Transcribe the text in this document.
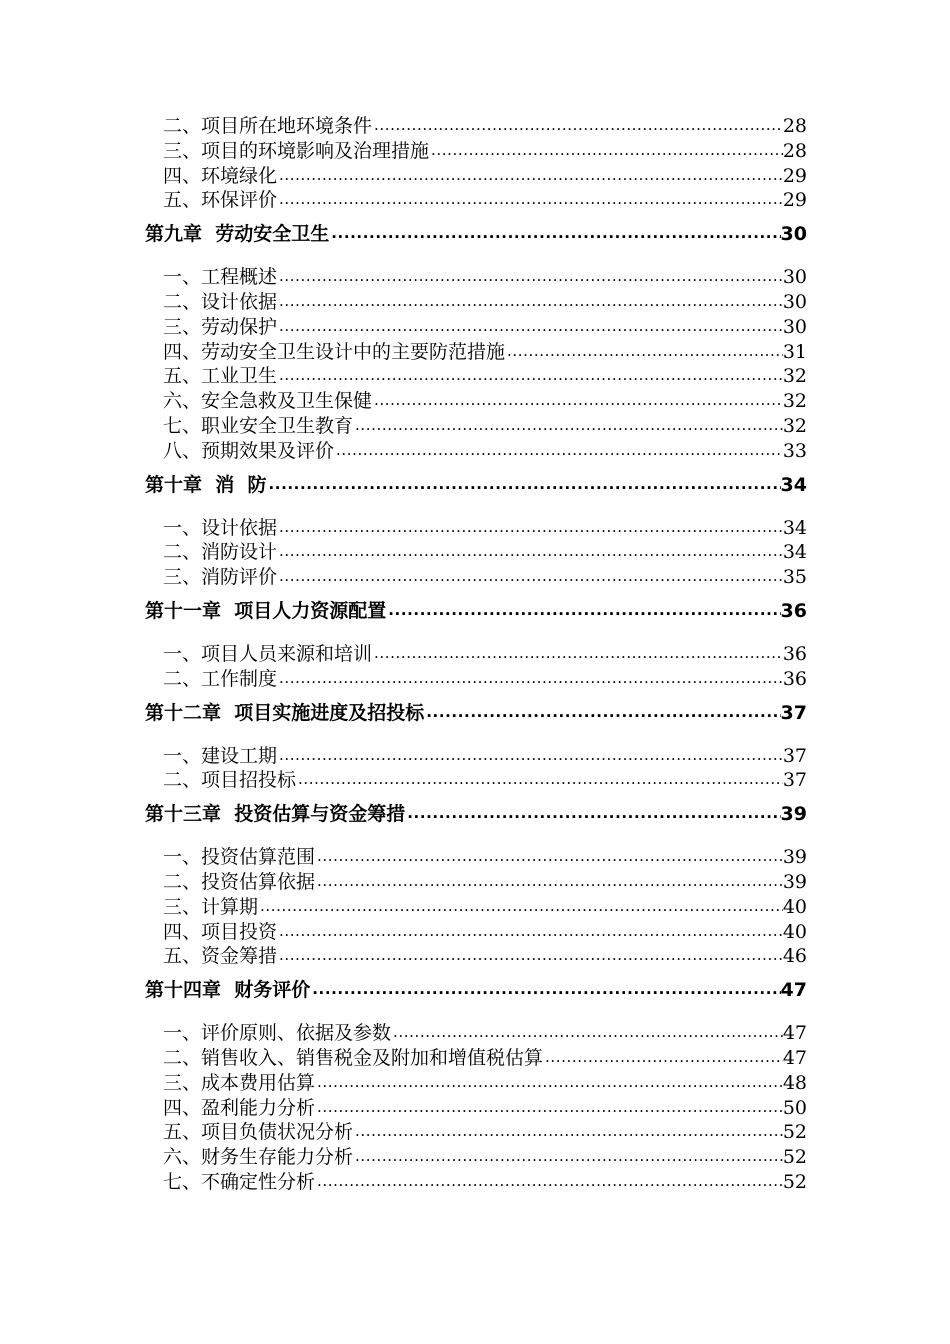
二、项目所在地环境条件 .....	28
三、项目的环境影响及治理措施 .....	28
四、环境绿化 .....	29
五、环保评价 .....	29
第九章  劳动安全卫生 .....	30
一、工程概述 .....	30
二、设计依据 .....	30
三、劳动保护 .....	30
四、劳动安全卫生设计中的主要防范措施 .....	31
五、工业卫生 .....	32
六、安全急救及卫生保健 .....	32
七、职业安全卫生教育 .....	32
八、预期效果及评价 .....	33
第十章  消  防 .....	34
一、设计依据 .....	34
二、消防设计 .....	34
三、消防评价 .....	35
第十一章  项目人力资源配置 .....	36
一、项目人员来源和培训 .....	36
二、工作制度 .....	36
第十二章  项目实施进度及招投标 .....	37
一、建设工期 .....	37
二、项目招投标 .....	37
第十三章  投资估算与资金筹措 .....	39
一、投资估算范围 .....	39
二、投资估算依据 .....	39
三、计算期 .....	40
四、项目投资 .....	40
五、资金筹措 .....	46
第十四章  财务评价 .....	47
一、评价原则、依据及参数 .....	47
二、销售收入、销售税金及附加和增值税估算 .....	47
三、成本费用估算 .....	48
四、盈利能力分析 .....	50
五、项目负债状况分析 .....	52
六、财务生存能力分析 .....	52
七、不确定性分析 .....	52
